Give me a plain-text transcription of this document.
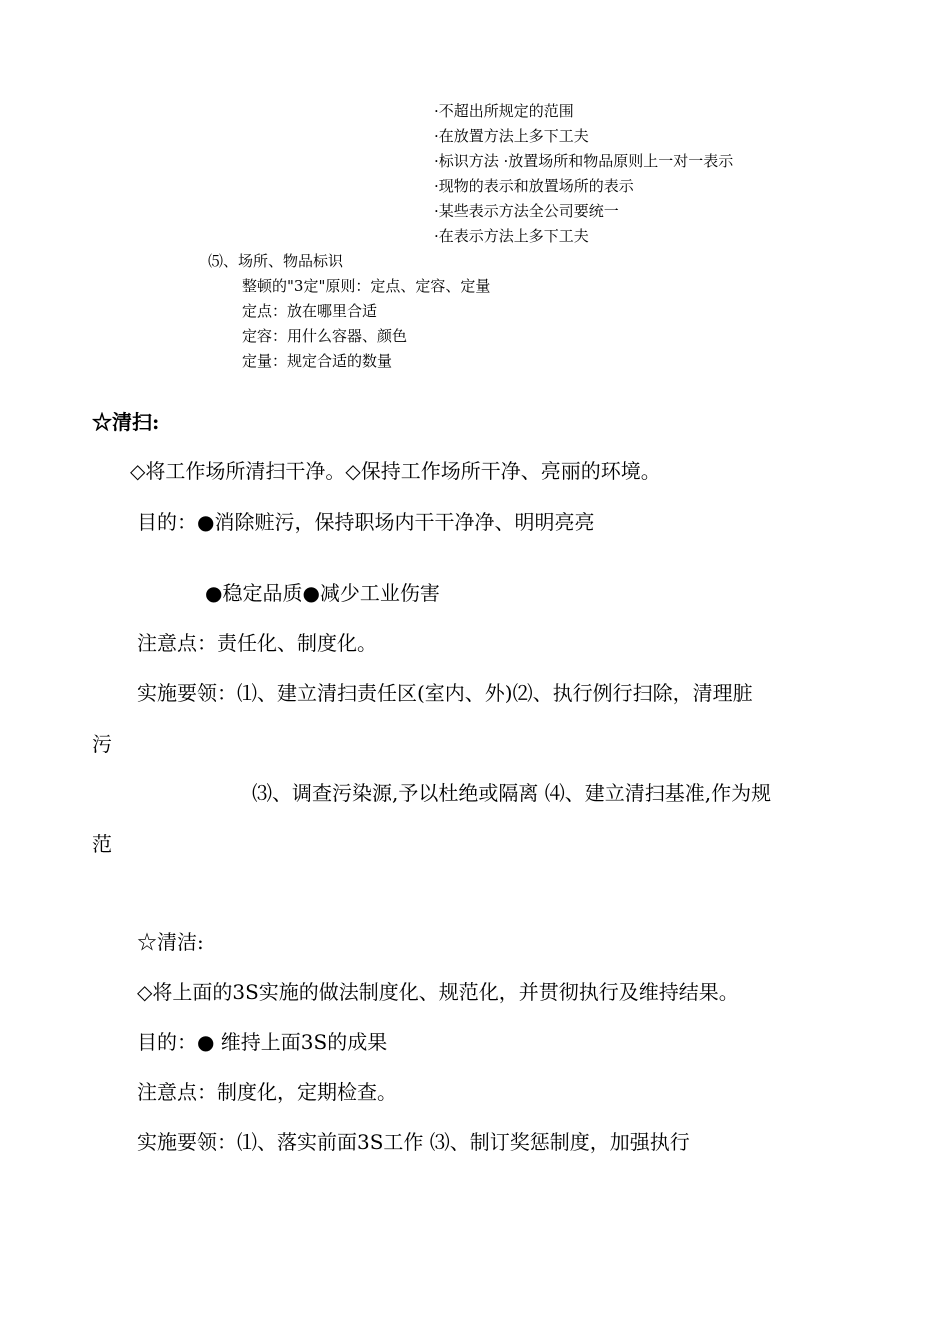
·不超出所规定的范围
·在放置方法上多下工夫
·标识方法 ·放置场所和物品原则上一对一表示
·现物的表示和放置场所的表示
·某些表示方法全公司要统一
·在表示方法上多下工夫
⑸、场所、物品标识
整顿的"3定"原则：定点、定容、定量
定点：放在哪里合适
定容：用什么容器、颜色
定量：规定合适的数量
☆清扫:
◇将工作场所清扫干净。◇保持工作场所干净、亮丽的环境。
目的：●消除赃污，保持职场内干干净净、明明亮亮
●稳定品质●减少工业伤害
注意点：责任化、制度化。
实施要领：⑴、建立清扫责任区(室内、外)⑵、执行例行扫除，清理脏
污
⑶、调查污染源,予以杜绝或隔离 ⑷、建立清扫基准,作为规
范
☆清洁:
◇将上面的3S实施的做法制度化、规范化，并贯彻执行及维持结果。
目的：● 维持上面3S的成果
注意点：制度化，定期检查。
实施要领：⑴、落实前面3S工作 ⑶、制订奖惩制度，加强执行
